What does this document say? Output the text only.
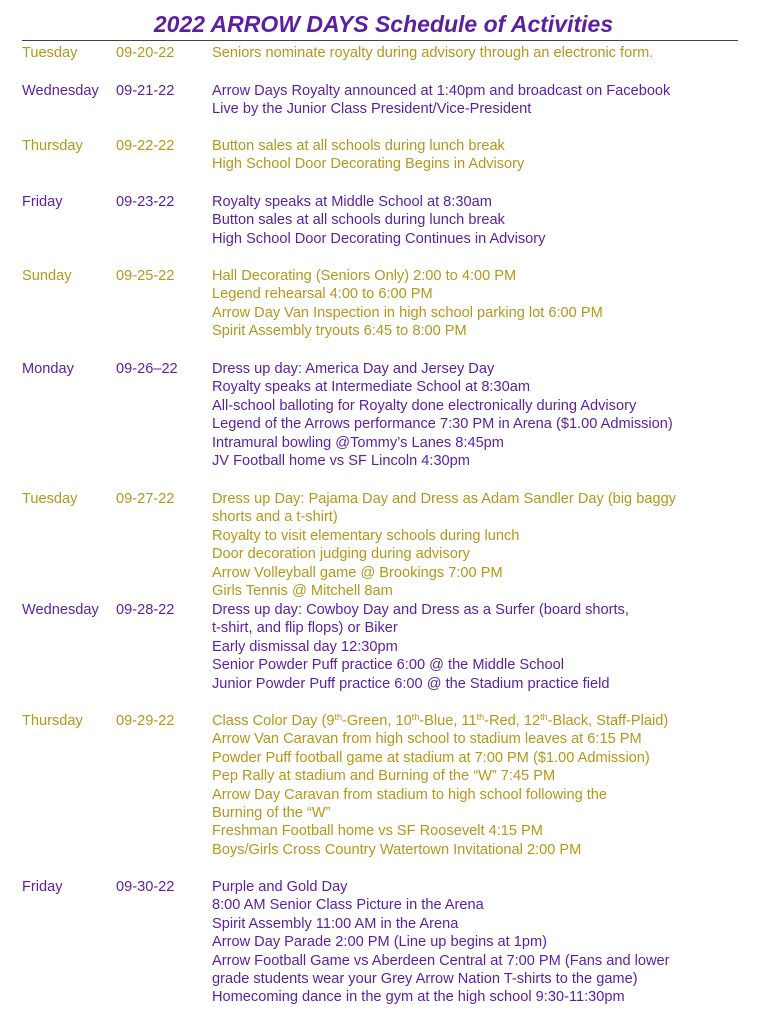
2022 ARROW DAYS Schedule of Activities
Tuesday	09-20-22	Seniors nominate royalty during advisory through an electronic form.
Wednesday 09-21-22	Arrow Days Royalty announced at 1:40pm and broadcast on Facebook
Live by the Junior Class President/Vice-President
Thursday 09-22-22	Button sales at all schools during lunch break
High School Door Decorating Begins in Advisory
Friday	09-23-22	Royalty speaks at Middle School at 8:30am
Button sales at all schools during lunch break
High School Door Decorating Continues in Advisory
Sunday	09-25-22	Hall Decorating (Seniors Only) 2:00 to 4:00 PM
Legend rehearsal 4:00 to 6:00 PM
Arrow Day Van Inspection in high school parking lot 6:00 PM
Spirit Assembly tryouts 6:45 to 8:00 PM
Monday	09-26–22 Dress up day: America Day and Jersey Day
Royalty speaks at Intermediate School at 8:30am
All-school balloting for Royalty done electronically during Advisory
Legend of the Arrows performance 7:30 PM in Arena ($1.00 Admission)
Intramural bowling @Tommy’s Lanes 8:45pm
JV Football home vs SF Lincoln 4:30pm
Tuesday	09-27-22	Dress up Day: Pajama Day and Dress as Adam Sandler Day (big baggy
shorts and a t-shirt)
Royalty to visit elementary schools during lunch
Door decoration judging during advisory
Arrow Volleyball game @ Brookings 7:00 PM
Girls Tennis @ Mitchell 8am
Wednesday 09-28-22	Dress up day: Cowboy Day and Dress as a Surfer (board shorts,
t-shirt, and flip flops) or Biker
Early dismissal day 12:30pm
Senior Powder Puff practice 6:00 @ the Middle School
Junior Powder Puff practice 6:00 @ the Stadium practice field
Thursday 09-29-22	Class Color Day (9th-Green, 10th-Blue, 11th-Red, 12th-Black, Staff-Plaid)
Arrow Van Caravan from high school to stadium leaves at 6:15 PM
Powder Puff football game at stadium at 7:00 PM ($1.00 Admission)
Pep Rally at stadium and Burning of the “W” 7:45 PM
Arrow Day Caravan from stadium to high school following the
Burning of the “W”
Freshman Football home vs SF Roosevelt 4:15 PM
Boys/Girls Cross Country Watertown Invitational 2:00 PM
Friday	09-30-22	Purple and Gold Day
8:00 AM Senior Class Picture in the Arena
Spirit Assembly 11:00 AM in the Arena
Arrow Day Parade 2:00 PM (Line up begins at 1pm)
Arrow Football Game vs Aberdeen Central at 7:00 PM (Fans and lower
grade students wear your Grey Arrow Nation T-shirts to the game)
Homecoming dance in the gym at the high school 9:30-11:30pm
